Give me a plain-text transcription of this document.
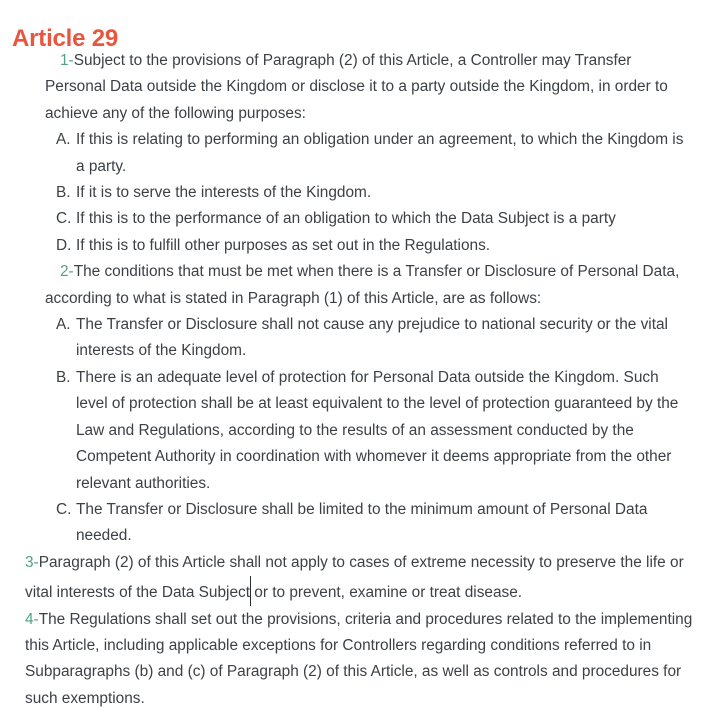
Article 29

1-Subject to the provisions of Paragraph (2) of this Article, a Controller may Transfer Personal Data outside the Kingdom or disclose it to a party outside the Kingdom, in order to achieve any of the following purposes:

A. If this is relating to performing an obligation under an agreement, to which the Kingdom is a party.
B. If it is to serve the interests of the Kingdom.
C. If this is to the performance of an obligation to which the Data Subject is a party
D. If this is to fulfill other purposes as set out in the Regulations.

2-The conditions that must be met when there is a Transfer or Disclosure of Personal Data, according to what is stated in Paragraph (1) of this Article, are as follows:

A. The Transfer or Disclosure shall not cause any prejudice to national security or the vital interests of the Kingdom.
B. There is an adequate level of protection for Personal Data outside the Kingdom. Such level of protection shall be at least equivalent to the level of protection guaranteed by the Law and Regulations, according to the results of an assessment conducted by the Competent Authority in coordination with whomever it deems appropriate from the other relevant authorities.
C. The Transfer or Disclosure shall be limited to the minimum amount of Personal Data needed.

3-Paragraph (2) of this Article shall not apply to cases of extreme necessity to preserve the life or vital interests of the Data Subject or to prevent, examine or treat disease.

4-The Regulations shall set out the provisions, criteria and procedures related to the implementing this Article, including applicable exceptions for Controllers regarding conditions referred to in Subparagraphs (b) and (c) of Paragraph (2) of this Article, as well as controls and procedures for such exemptions.
